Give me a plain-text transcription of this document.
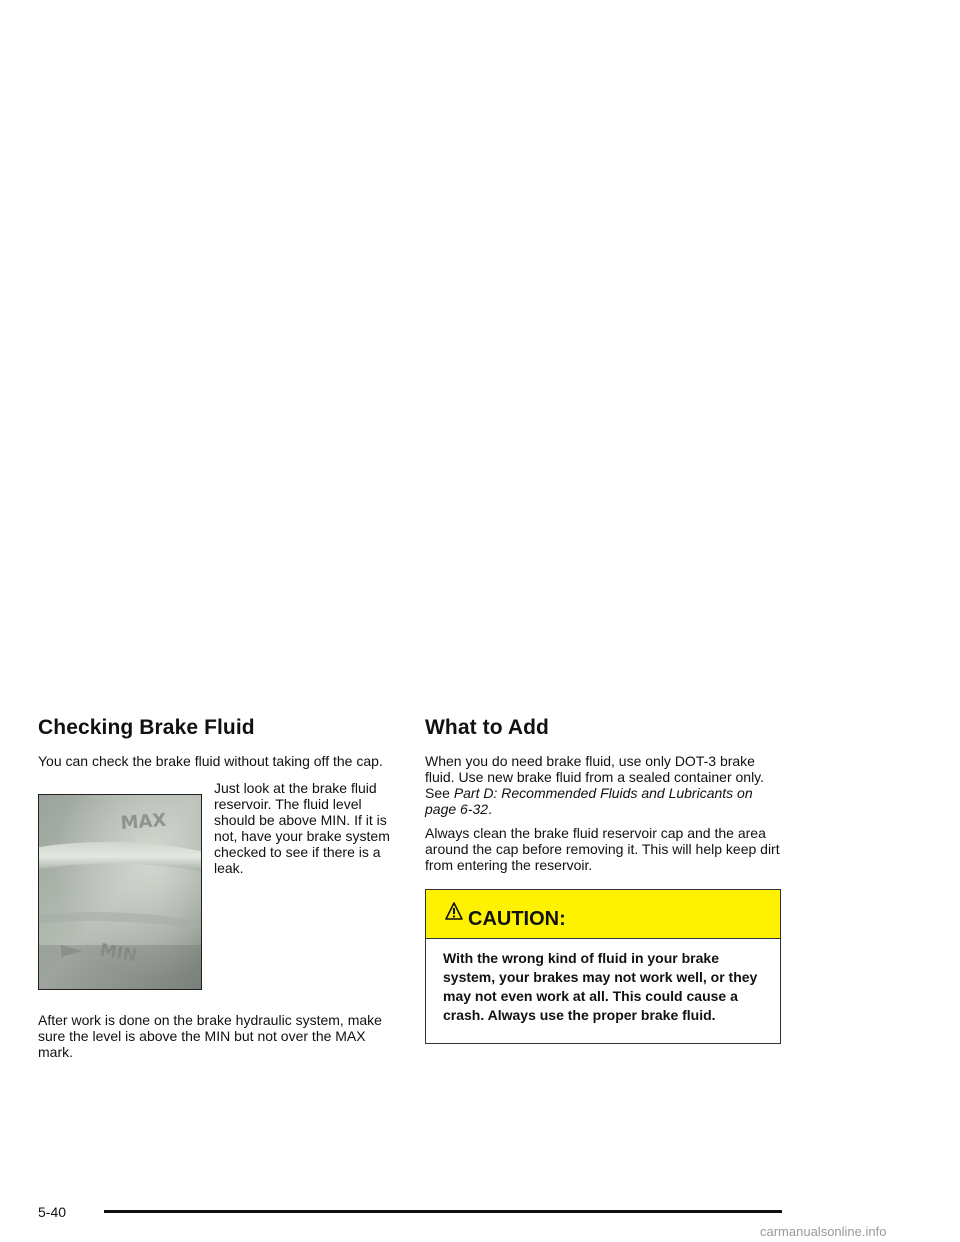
Checking Brake Fluid

You can check the brake fluid without taking off the cap.

MAX
MIN

Just look at the brake fluid reservoir. The fluid level should be above MIN. If it is not, have your brake system checked to see if there is a leak.

After work is done on the brake hydraulic system, make sure the level is above the MIN but not over the MAX mark.

What to Add

When you do need brake fluid, use only DOT-3 brake fluid. Use new brake fluid from a sealed container only. See Part D: Recommended Fluids and Lubricants on page 6-32.

Always clean the brake fluid reservoir cap and the area around the cap before removing it. This will help keep dirt from entering the reservoir.

CAUTION:
With the wrong kind of fluid in your brake system, your brakes may not work well, or they may not even work at all. This could cause a crash. Always use the proper brake fluid.
5-40
carmanualsonline.info
